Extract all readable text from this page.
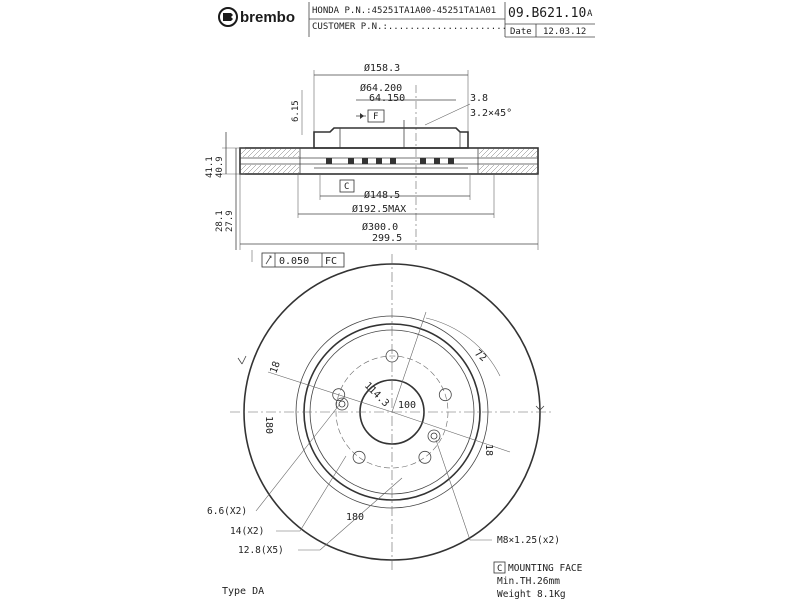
brembo HONDA P.N.:45251TA1A00-45251TA1A01
CUSTOMER P.N.:......................
09.B621.10 A
Date 12.03.12
Ø158.3
Ø64.200
64.150	3.8
3.2×45°
6.15	F
41.1 40.9
28.1 27.9
C
Ø148.5
Ø192.5MAX
Ø300.0
299.5
0.050 FC
72
18
18
180
180
114.3 100
6.6(X2)
14(X2)
12.8(X5)
M8×1.25(x2)
C MOUNTING FACE
Min.TH.26mm
Weight 8.1Kg
Type DA
